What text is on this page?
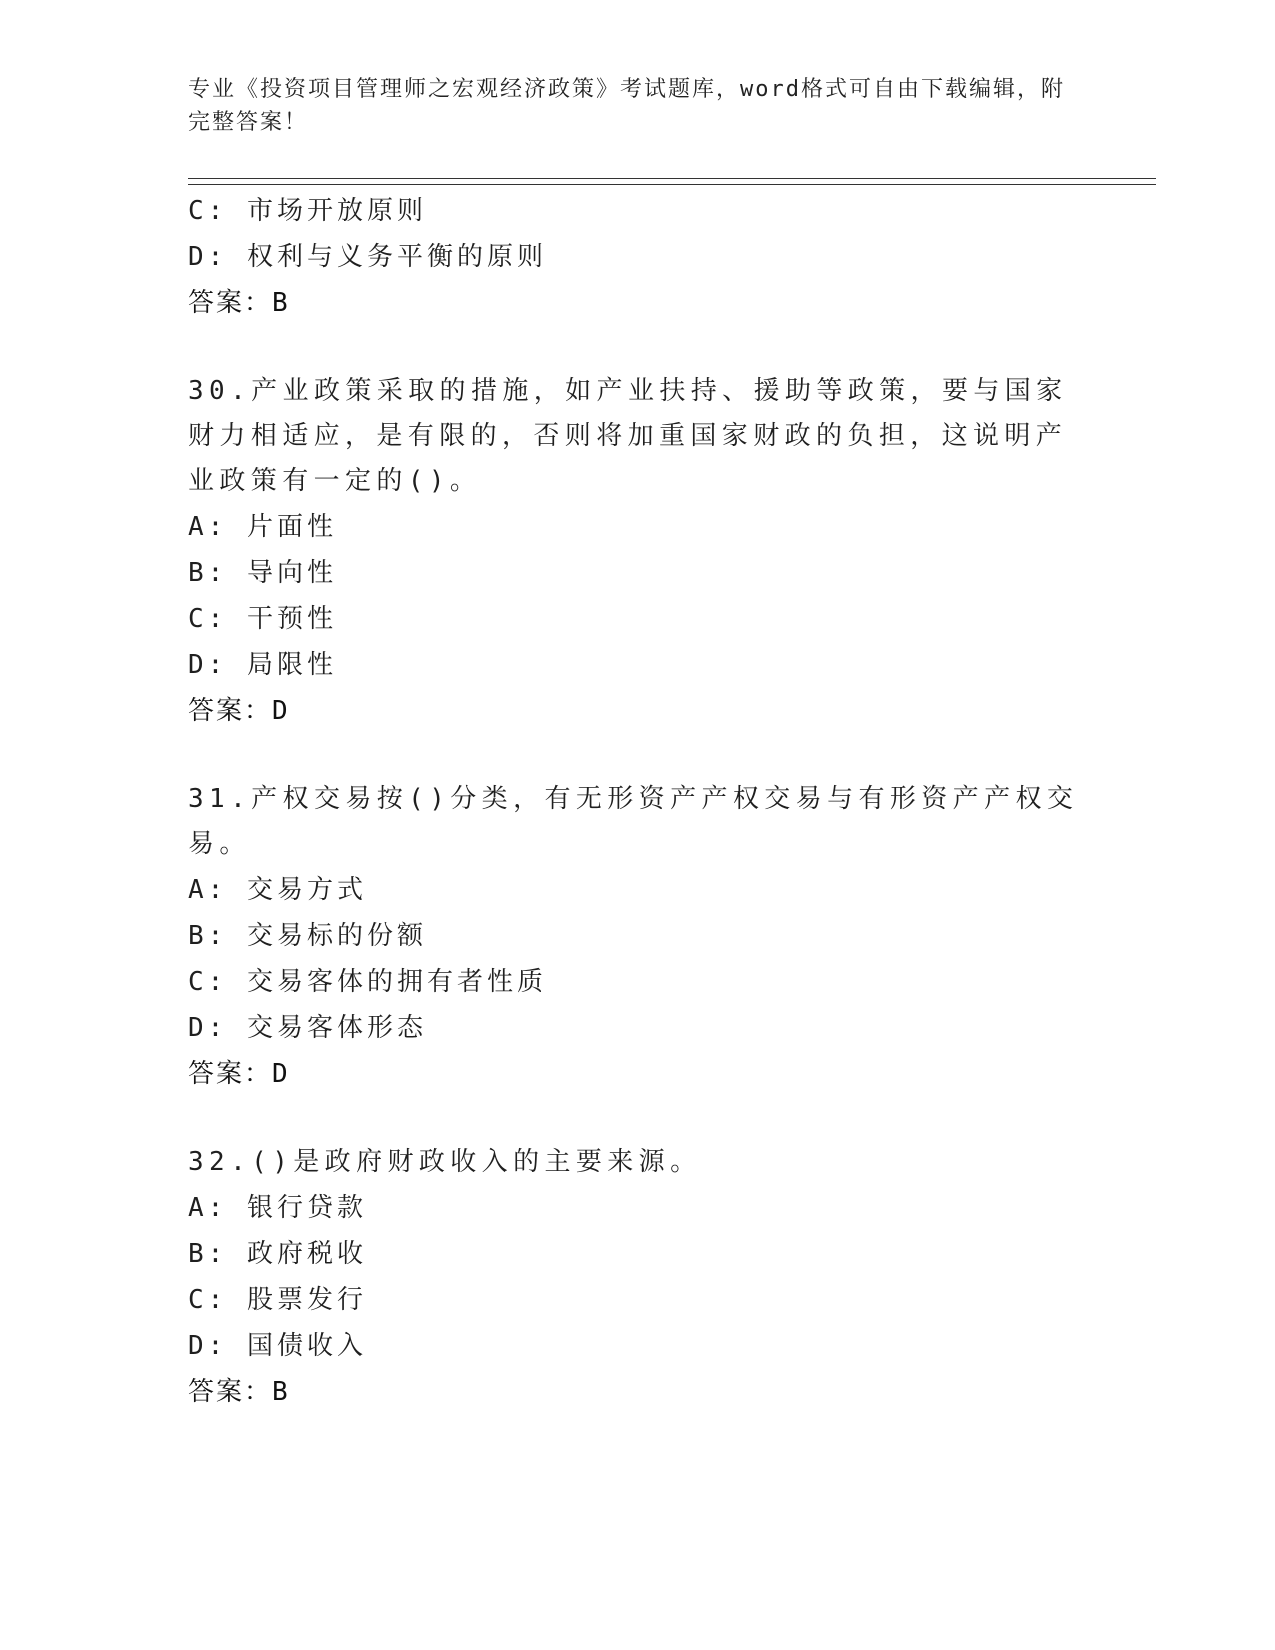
专业《投资项目管理师之宏观经济政策》考试题库，word格式可自由下载编辑，附完整答案！
C: 市场开放原则
D: 权利与义务平衡的原则
答案：B
30.产业政策采取的措施，如产业扶持、援助等政策，要与国家财力相适应，是有限的，否则将加重国家财政的负担，这说明产业政策有一定的()。
A: 片面性
B: 导向性
C: 干预性
D: 局限性
答案：D
31.产权交易按()分类，有无形资产产权交易与有形资产产权交易。
A: 交易方式
B: 交易标的份额
C: 交易客体的拥有者性质
D: 交易客体形态
答案：D
32.()是政府财政收入的主要来源。
A: 银行贷款
B: 政府税收
C: 股票发行
D: 国债收入
答案：B
